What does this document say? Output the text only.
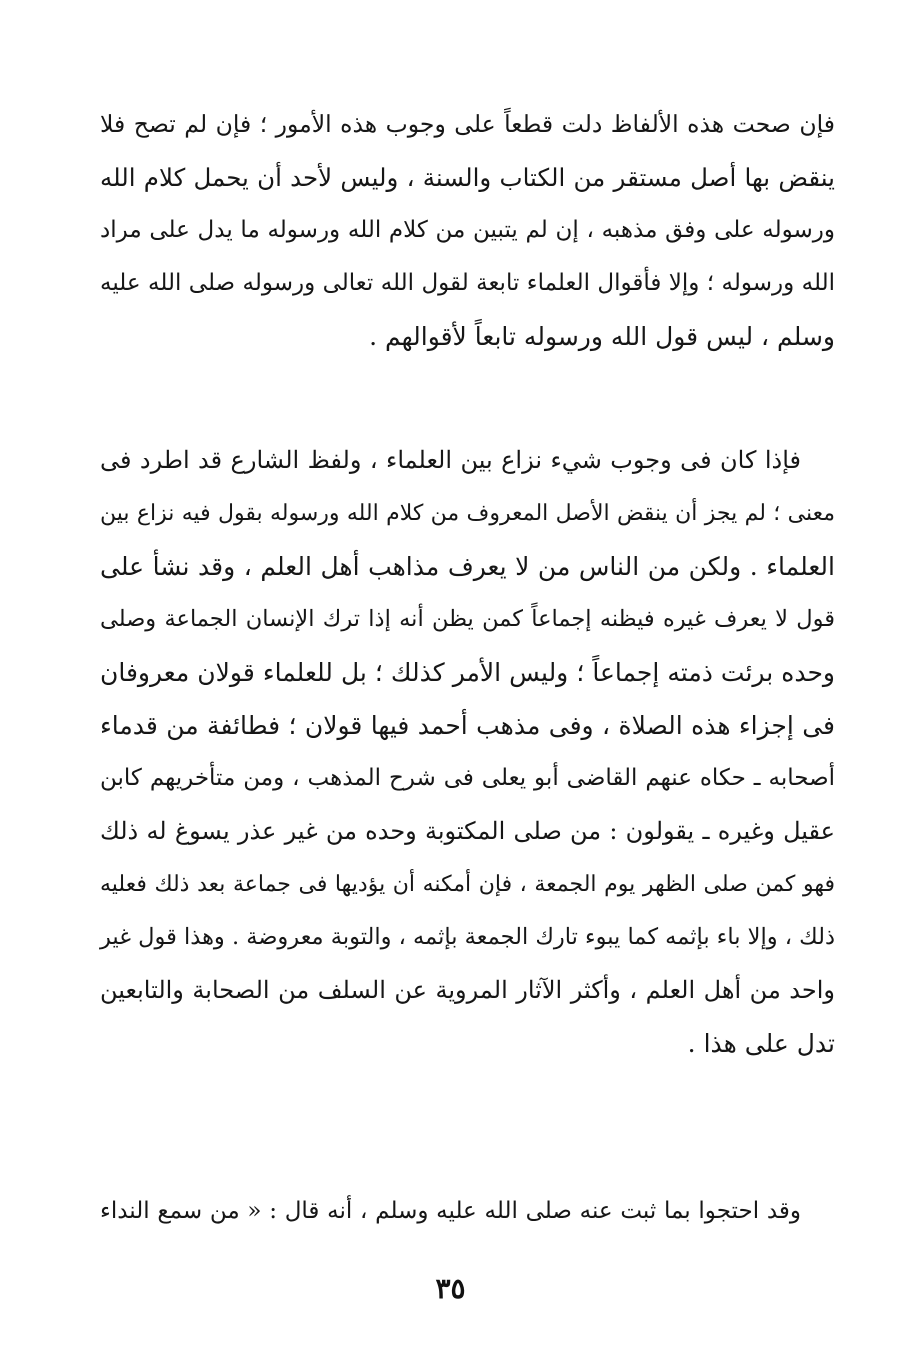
فإن صحت هذه الألفاظ دلت قطعاً على وجوب هذه الأمور ؛ فإن لم تصح فلا
ينقض بها أصل مستقر من الكتاب والسنة ، وليس لأحد أن يحمل كلام الله
ورسوله على وفق مذهبه ، إن لم يتبين من كلام الله ورسوله ما يدل على مراد
الله ورسوله ؛ وإلا فأقوال العلماء تابعة لقول الله تعالى ورسوله صلى الله عليه
وسلم ، ليس قول الله ورسوله تابعاً لأقوالهم .
فإذا كان فى وجوب شيء نزاع بين العلماء ، ولفظ الشارع قد اطرد فى
معنى ؛ لم يجز أن ينقض الأصل المعروف من كلام الله ورسوله بقول فيه نزاع بين
العلماء . ولكن من الناس من لا يعرف مذاهب أهل العلم ، وقد نشأ على
قول لا يعرف غيره فيظنه إجماعاً كمن يظن أنه إذا ترك الإنسان الجماعة وصلى
وحده برئت ذمته إجماعاً ؛ وليس الأمر كذلك ؛ بل للعلماء قولان معروفان
فى إجزاء هذه الصلاة ، وفى مذهب أحمد فيها قولان ؛ فطائفة من قدماء
أصحابه ـ حكاه عنهم القاضى أبو يعلى فى شرح المذهب ، ومن متأخريهم كابن
عقيل وغيره ـ يقولون : من صلى المكتوبة وحده من غير عذر يسوغ له ذلك
فهو كمن صلى الظهر يوم الجمعة ، فإن أمكنه أن يؤديها فى جماعة بعد ذلك فعليه
ذلك ، وإلا باء بإثمه كما يبوء تارك الجمعة بإثمه ، والتوبة معروضة . وهذا قول غير
واحد من أهل العلم ، وأكثر الآثار المروية عن السلف من الصحابة والتابعين
تدل على هذا .
وقد احتجوا بما ثبت عنه صلى الله عليه وسلم ، أنه قال : « من سمع النداء
٣٥
